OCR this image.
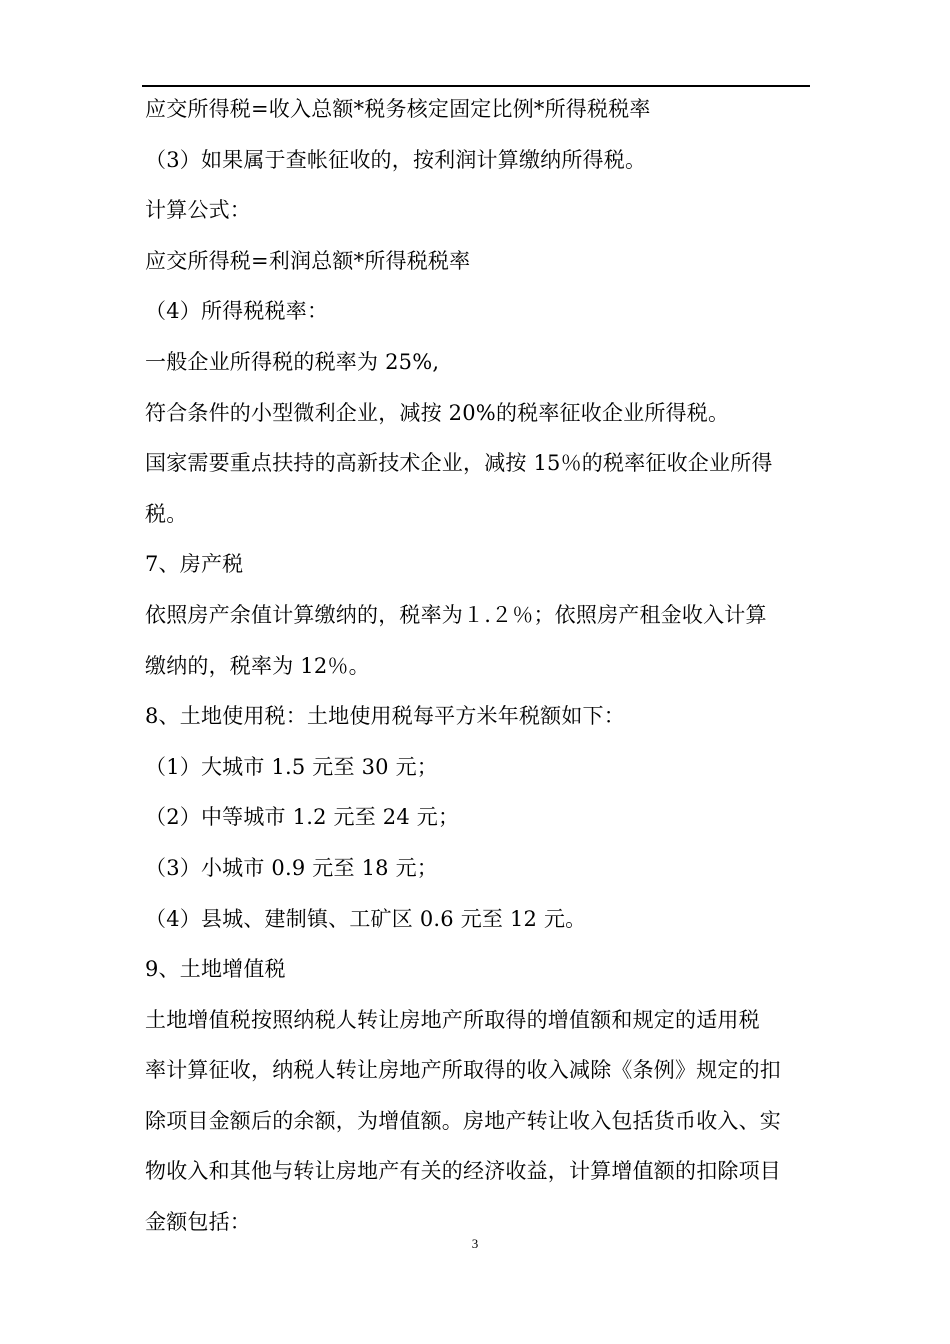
应交所得税=收入总额*税务核定固定比例*所得税税率
（3）如果属于查帐征收的，按利润计算缴纳所得税。
计算公式：
应交所得税=利润总额*所得税税率
（4）所得税税率：
一般企业所得税的税率为 25%,
符合条件的小型微利企业，减按 20%的税率征收企业所得税。
国家需要重点扶持的高新技术企业，减按 15％的税率征收企业所得
税。
7、房产税
依照房产余值计算缴纳的，税率为１.２％；依照房产租金收入计算
缴纳的，税率为 12％。
8、土地使用税：土地使用税每平方米年税额如下：
（1）大城市 1.5 元至 30 元；
（2）中等城市 1.2 元至 24 元；
（3）小城市 0.9 元至 18 元；
（4）县城、建制镇、工矿区 0.6 元至 12 元。
9、土地增值税
土地增值税按照纳税人转让房地产所取得的增值额和规定的适用税
率计算征收，纳税人转让房地产所取得的收入减除《条例》规定的扣
除项目金额后的余额，为增值额。房地产转让收入包括货币收入、实
物收入和其他与转让房地产有关的经济收益，计算增值额的扣除项目
金额包括：
3
